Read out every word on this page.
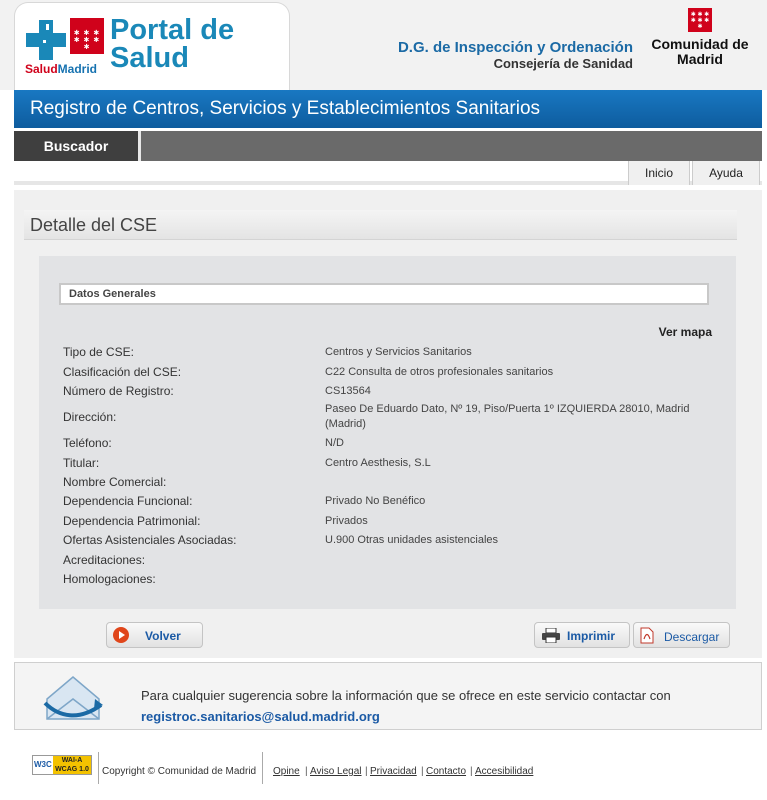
✱ ✱ ✱ ✱ ✱ ✱ ✱
SaludMadrid
Portal de Salud	D.G. de Inspección y Ordenación
Consejería de Sanidad
✱ ✱ ✱ ✱ ✱ ✱ ✱
Comunidad de Madrid
Registro de Centros, Servicios y Establecimientos Sanitarios
Buscador
Inicio	Ayuda
Detalle del CSE
Datos Generales
Ver mapa
Tipo de CSE:	Centros y Servicios Sanitarios
Clasificación del CSE:	C22 Consulta de otros profesionales sanitarios
Número de Registro:	CS13564
Dirección:
Paseo De Eduardo Dato, Nº 19, Piso/Puerta 1º IZQUIERDA 28010, Madrid (Madrid)
Teléfono:	N/D
Titular:	Centro Aesthesis, S.L
Nombre Comercial:
Dependencia Funcional:	Privado No Benéfico
Dependencia Patrimonial:	Privados
Ofertas Asistenciales Asociadas:	U.900 Otras unidades asistenciales
Acreditaciones:
Homologaciones:
Volver	Imprimir	Descargar
Para cualquier sugerencia sobre la información que se ofrece en este servicio contactar con
registroc.sanitarios@salud.madrid.org
W3C	WAI-A
WCAG 1.0 Copyright © Comunidad de Madrid Opine | Aviso Legal | Privacidad | Contacto | Accesibilidad
